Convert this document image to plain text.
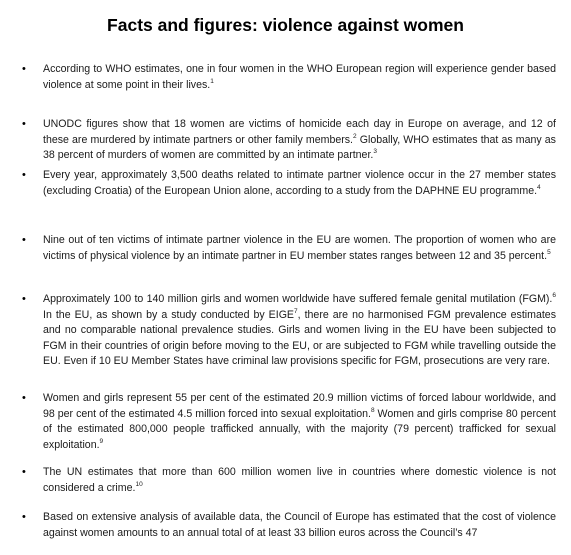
Facts and figures: violence against women
• According to WHO estimates, one in four women in the WHO European region will experience gender based violence at some point in their lives.$^1$
• UNODC figures show that 18 women are victims of homicide each day in Europe on average, and 12 of these are murdered by intimate partners or other family members.$^2$ Globally, WHO estimates that as many as 38 percent of murders of women are committed by an intimate partner.$^3$
• Every year, approximately 3,500 deaths related to intimate partner violence occur in the 27 member states (excluding Croatia) of the European Union alone, according to a study from the DAPHNE EU programme.$^4$
• Nine out of ten victims of intimate partner violence in the EU are women. The proportion of women who are victims of physical violence by an intimate partner in EU member states ranges between 12 and 35 percent.$^5$
• Approximately 100 to 140 million girls and women worldwide have suffered female genital mutilation (FGM).$^6$ In the EU, as shown by a study conducted by EIGE$^7$, there are no harmonised FGM prevalence estimates and no comparable national prevalence studies. Girls and women living in the EU have been subjected to FGM in their countries of origin before moving to the EU, or are subjected to FGM while travelling outside the EU. Even if 10 EU Member States have criminal law provisions specific for FGM, prosecutions are very rare.
• Women and girls represent 55 per cent of the estimated 20.9 million victims of forced labour worldwide, and 98 per cent of the estimated 4.5 million forced into sexual exploitation.$^8$ Women and girls comprise 80 percent of the estimated 800,000 people trafficked annually, with the majority (79 percent) trafficked for sexual exploitation.$^9$
• The UN estimates that more than 600 million women live in countries where domestic violence is not considered a crime.$^{10}$
• Based on extensive analysis of available data, the Council of Europe has estimated that the cost of violence against women amounts to an annual total of at least 33 billion euros across the Council’s 47
